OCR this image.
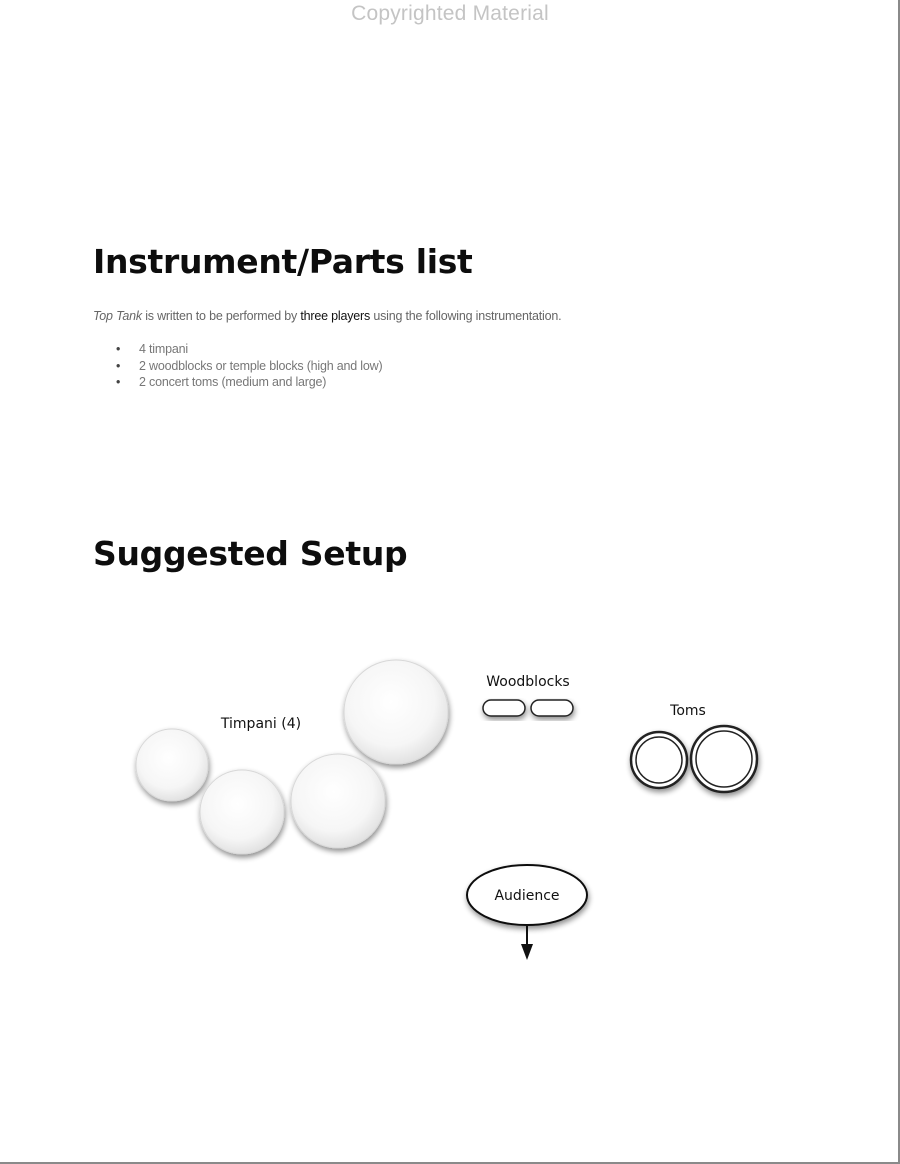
Copyrighted Material
Instrument/Parts list

Top Tank is written to be performed by three players using the following instrumentation.

• 4 timpani
• 2 woodblocks or temple blocks (high and low)
• 2 concert toms (medium and large)
Suggested Setup
Timpani (4)
Woodblocks
Toms
Audience
